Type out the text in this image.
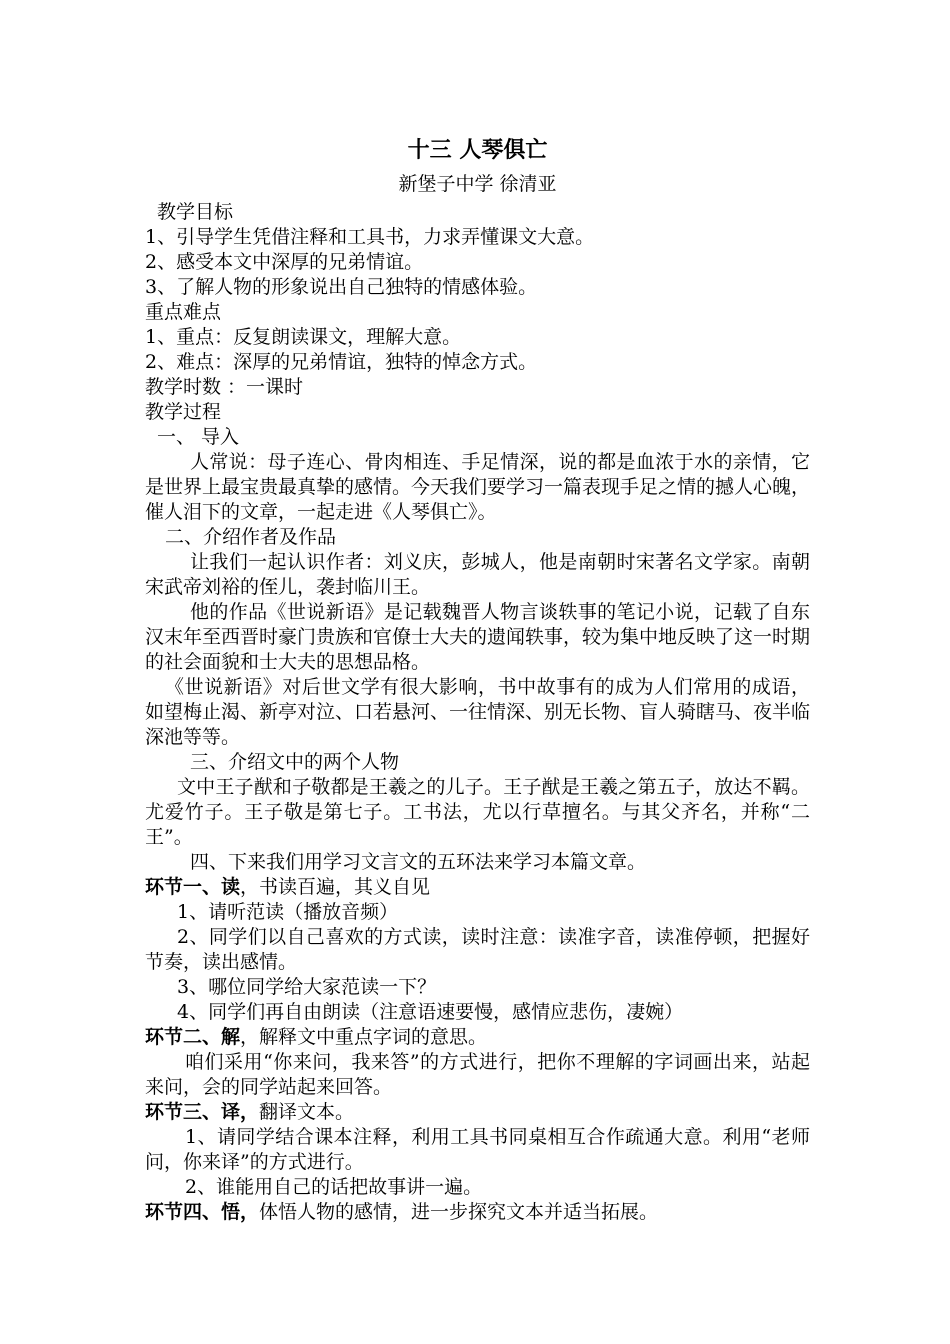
十三 人琴俱亡

新堡子中学 徐清亚

教学目标

1、引导学生凭借注释和工具书，力求弄懂课文大意。

2、感受本文中深厚的兄弟情谊。

3、了解人物的形象说出自己独特的情感体验。

重点难点

1、重点：反复朗读课文，理解大意。

2、难点：深厚的兄弟情谊，独特的悼念方式。

教学时数 ：一课时

教学过程

一、 导入

人常说：母子连心、骨肉相连、手足情深，说的都是血浓于水的亲情，它是世界上最宝贵最真挚的感情。今天我们要学习一篇表现手足之情的撼人心魄，催人泪下的文章，一起走进《人琴俱亡》。

二、介绍作者及作品

让我们一起认识作者：刘义庆，彭城人，他是南朝时宋著名文学家。南朝宋武帝刘裕的侄儿，袭封临川王。

他的作品《世说新语》是记载魏晋人物言谈轶事的笔记小说，记载了自东汉末年至西晋时豪门贵族和官僚士大夫的遗闻轶事，较为集中地反映了这一时期的社会面貌和士大夫的思想品格。

《世说新语》对后世文学有很大影响，书中故事有的成为人们常用的成语，如望梅止渴、新亭对泣、口若悬河、一往情深、别无长物、盲人骑瞎马、夜半临深池等等。

三、介绍文中的两个人物

文中王子猷和子敬都是王羲之的儿子。王子猷是王羲之第五子，放达不羁。尤爱竹子。王子敬是第七子。工书法，尤以行草擅名。与其父齐名，并称“二王”。

四、下来我们用学习文言文的五环法来学习本篇文章。

环节一、读，书读百遍，其义自见

1、请听范读（播放音频）

2、同学们以自己喜欢的方式读，读时注意：读准字音，读准停顿，把握好节奏，读出感情。

3、哪位同学给大家范读一下？

4、同学们再自由朗读（注意语速要慢，感情应悲伤，凄婉）

环节二、解，解释文中重点字词的意思。

咱们采用“你来问，我来答”的方式进行，把你不理解的字词画出来，站起来问，会的同学站起来回答。

环节三、译，翻译文本。

1、请同学结合课本注释，利用工具书同桌相互合作疏通大意。利用“老师问，你来译”的方式进行。

2、谁能用自己的话把故事讲一遍。

环节四、悟，体悟人物的感情，进一步探究文本并适当拓展。
